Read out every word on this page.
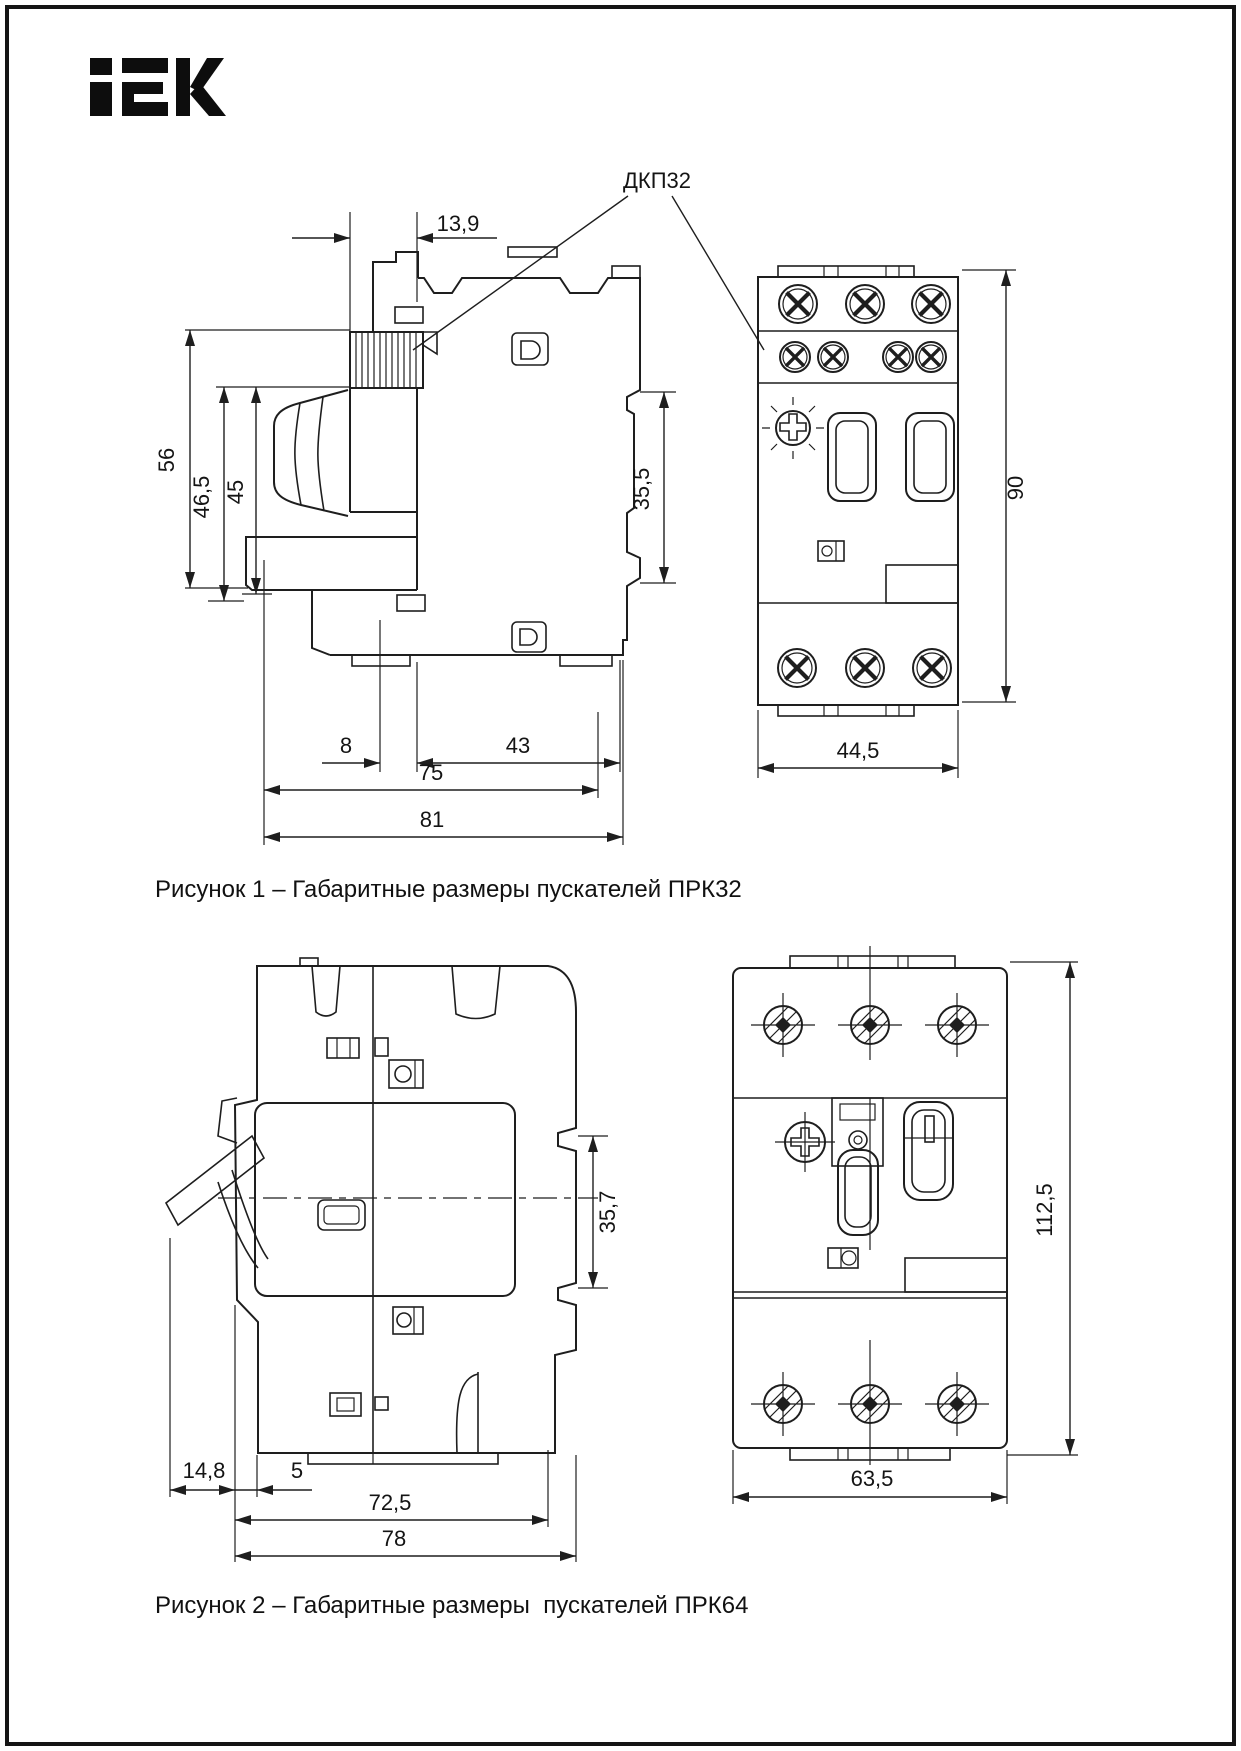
ДКП32
13,9
56
46,5 45	35,5
8	43
75
81
44,5
90
35,7
14,8	5
72,5
78
63,5
112,5
Рисунок 1 – Габаритные размеры пускателей ПРК32
Рисунок 2 – Габаритные размеры  пускателей ПРК64
